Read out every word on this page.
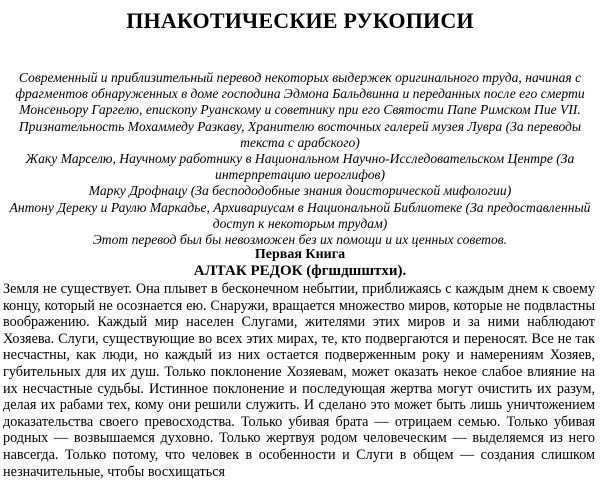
ПНАКОТИЧЕСКИЕ РУКОПИСИ

Современный и приблизительный перевод некоторых выдержек оригинального труда, начиная с фрагментов обнаруженных в доме господина Эдмона Бальдвинна и переданных после его смерти Монсеньору Гаргелю, епископу Руанскому и советнику при его Святости Папе Римском Пие VII.

Признательность Мохаммеду Разкаву, Хранителю восточных галерей музея Лувра (За переводы текста с арабского)

Жаку Марселю, Научному работнику в Национальном Научно-Исследовательском Центре (За интерпретацию иероглифов)

Марку Дрофнацу (За беспододобные знания доисторической мифологии)

Антону Дереку и Раулю Маркадье, Архивариусам в Национальной Библиотеке (За предоставленный доступ к некоторым трудам)

Этот перевод был бы невозможен без их помощи и их ценных советов.

Первая Книга
АЛТАК РЕДОК (фгшдшштхи).

Земля не существует. Она плывет в бесконечном небытии, приближаясь с каждым днем к своему концу, который не осознается ею. Снаружи, вращается множество миров, которые не подвластны воображению. Каждый мир населен Слугами, жителями этих миров и за ними наблюдают Хозяева. Слуги, существующие во всех этих мирах, те, кто подвергаются и переносят. Все не так несчастны, как люди, но каждый из них остается подверженным року и намерениям Хозяев, губительных для их душ. Только поклонение Хозяевам, может оказать некое слабое влияние на их несчастные судьбы. Истинное поклонение и последующая жертва могут очистить их разум, делая их рабами тех, кому они решили служить. И сделано это может быть лишь уничтожением доказательства своего превосходства. Только убивая брата — отрицаем семью. Только убивая родных — возвышаемся духовно. Только жертвуя родом человеческим — выделяемся из него навсегда. Только потому, что человек в особенности и Слуги в общем — создания слишком незначительные, чтобы восхищаться
